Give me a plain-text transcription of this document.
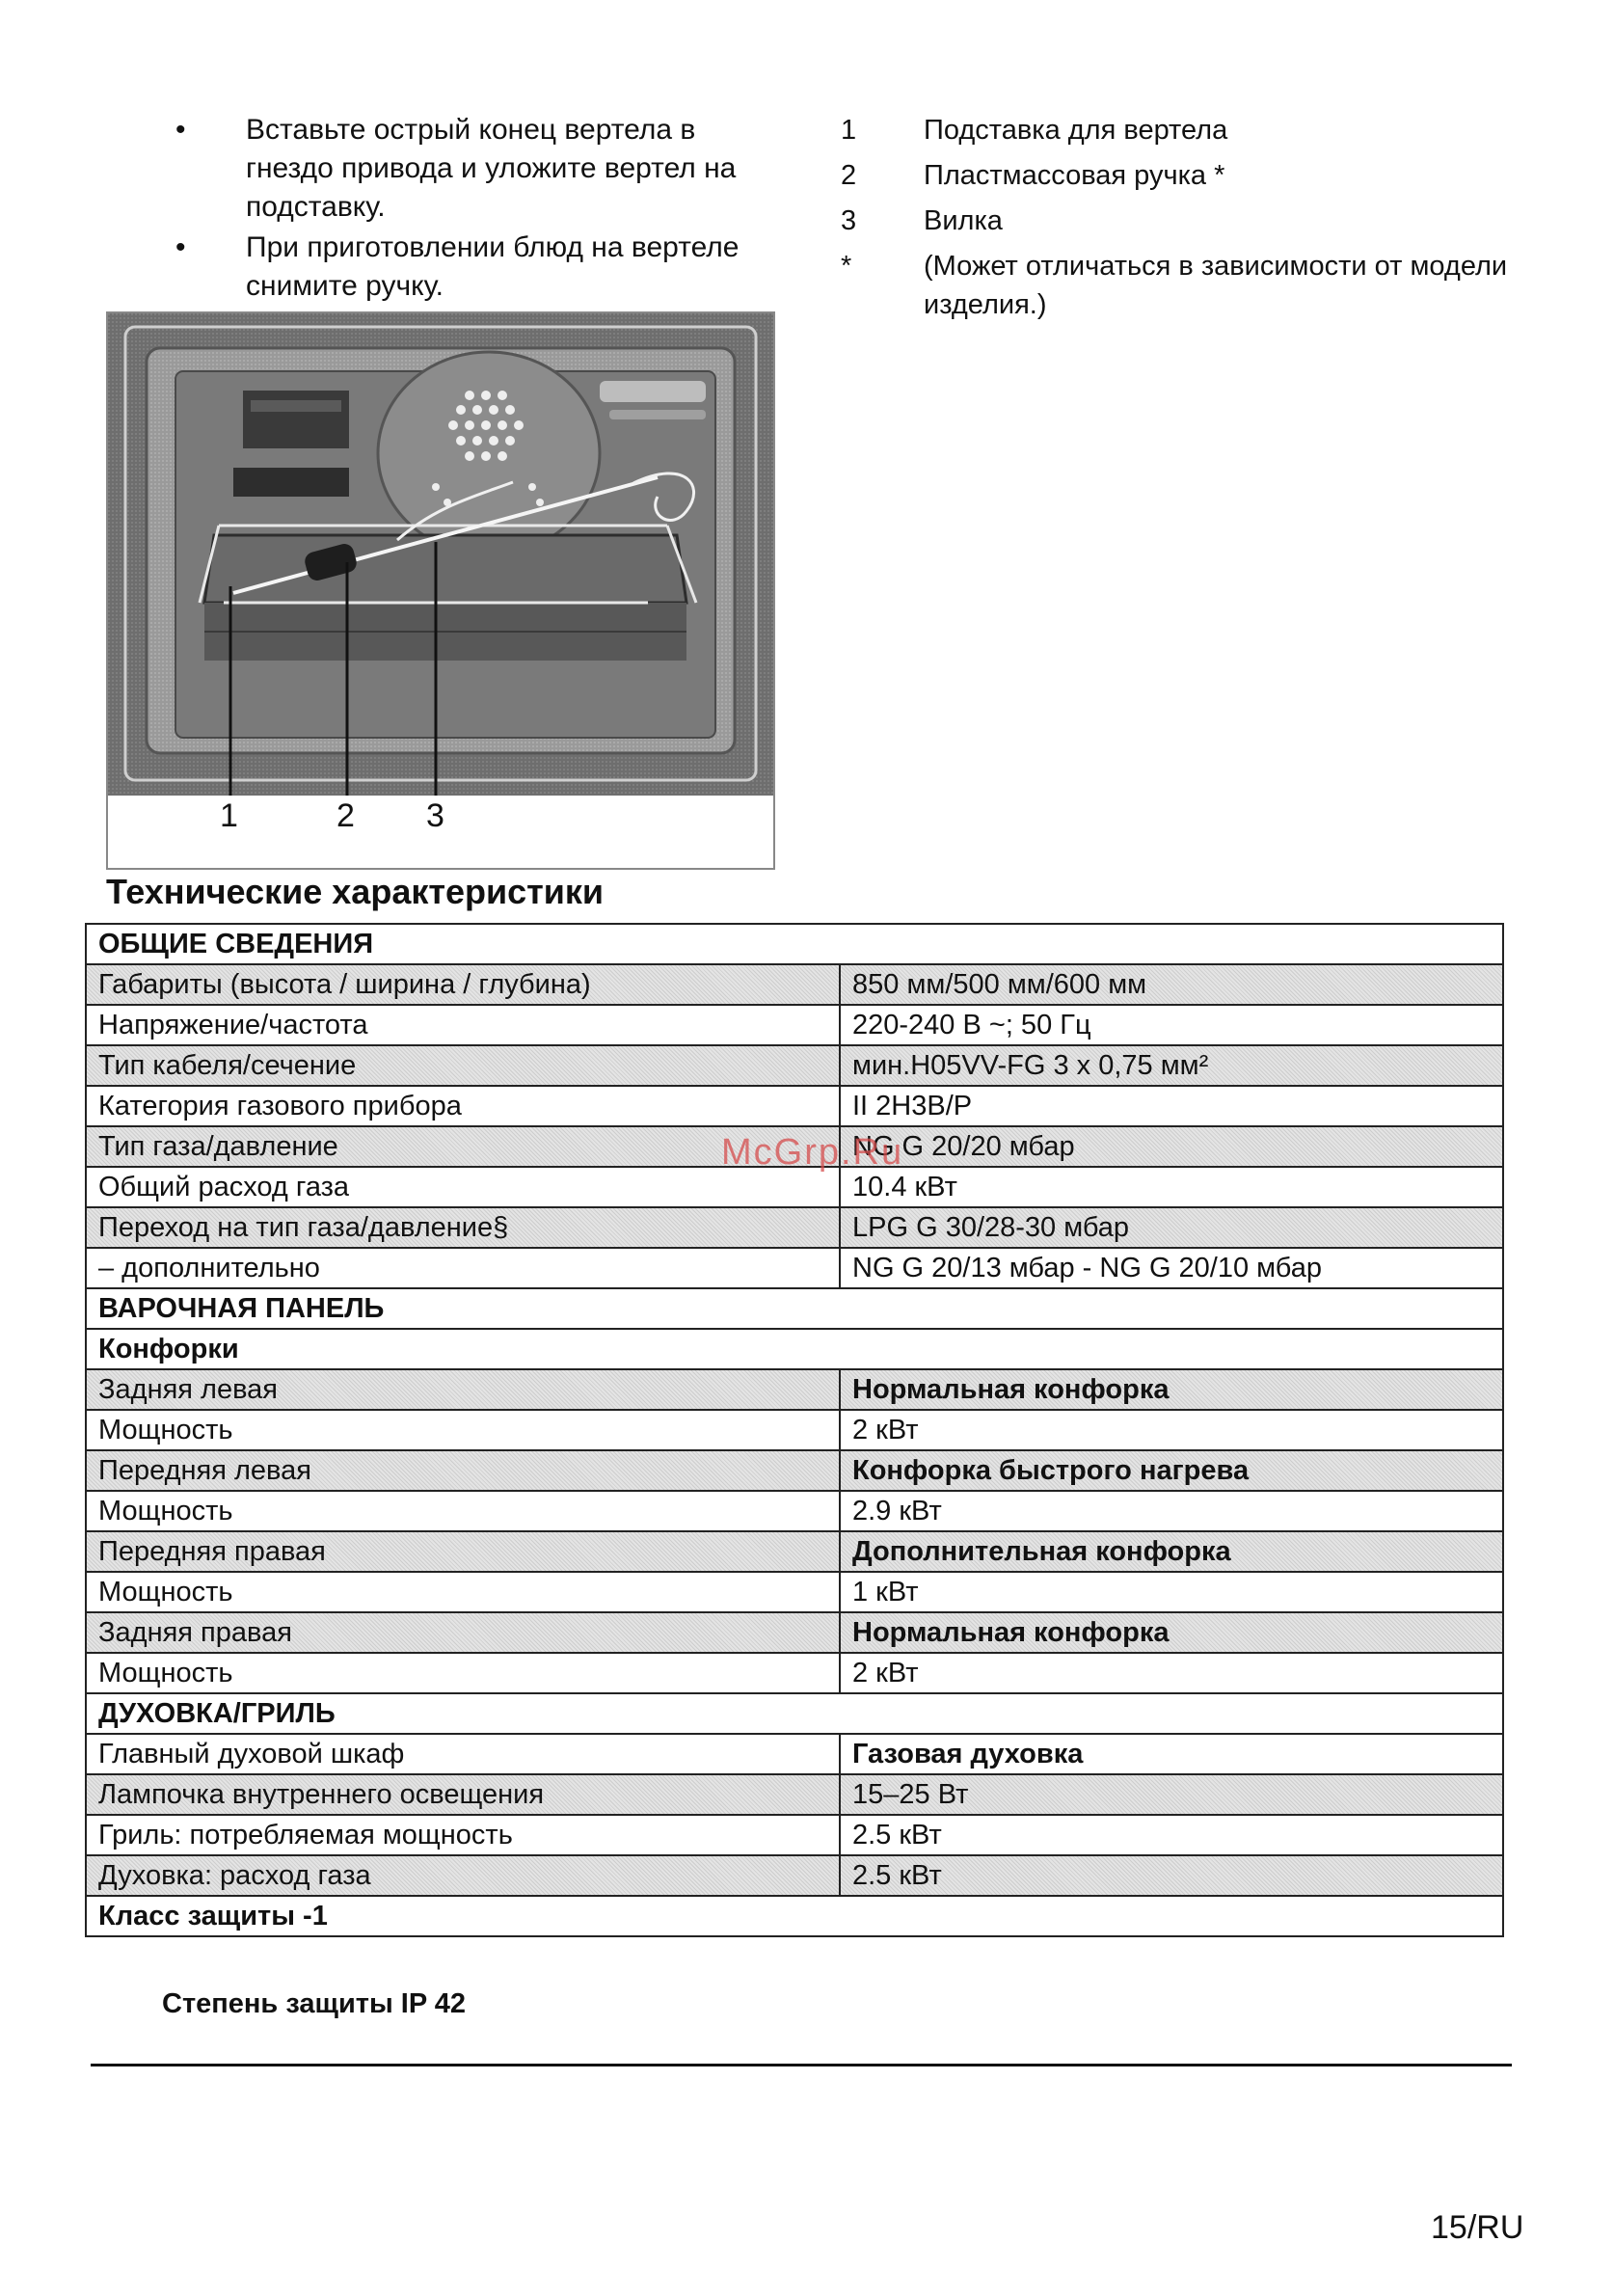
• Вставьте острый конец вертела в гнездо привода и уложите вертел на подставку.
• При приготовлении блюд на вертеле снимите ручку.
1 Подставка для вертела
2 Пластмассовая ручка *
3 Вилка
*	(Может отличаться в зависимости от модели изделия.)
1	2 3
Технические характеристики
ОБЩИЕ СВЕДЕНИЯ	
Габариты (высота / ширина / глубина)	850 мм/500 мм/600 мм
Напряжение/частота	220-240 В ~; 50 Гц
Тип кабеля/сечение	мин.H05VV-FG 3 x 0,75 мм²
Категория газового прибора	II 2H3B/P
Тип газа/давление	NG G 20/20 мбар
Общий расход газа	10.4 кВт
Переход на тип газа/давление§	LPG G 30/28-30 мбар
– дополнительно	NG G 20/13 мбар - NG G 20/10 мбар
ВАРОЧНАЯ ПАНЕЛЬ	
Конфорки	
Задняя левая	Нормальная конфорка
Мощность	2 кВт
Передняя левая	Конфорка быстрого нагрева
Мощность	2.9 кВт
Передняя правая	Дополнительная конфорка
Мощность	1 кВт
Задняя правая	Нормальная конфорка
Мощность	2 кВт
ДУХОВКА/ГРИЛЬ	
Главный духовой шкаф	Газовая духовка
Лампочка внутреннего освещения	15–25 Вт
Гриль: потребляемая мощность	2.5 кВт
Духовка: расход газа	2.5 кВт
Класс защиты -1	
Степень защиты IP 42
15/RU
McGrp.Ru
